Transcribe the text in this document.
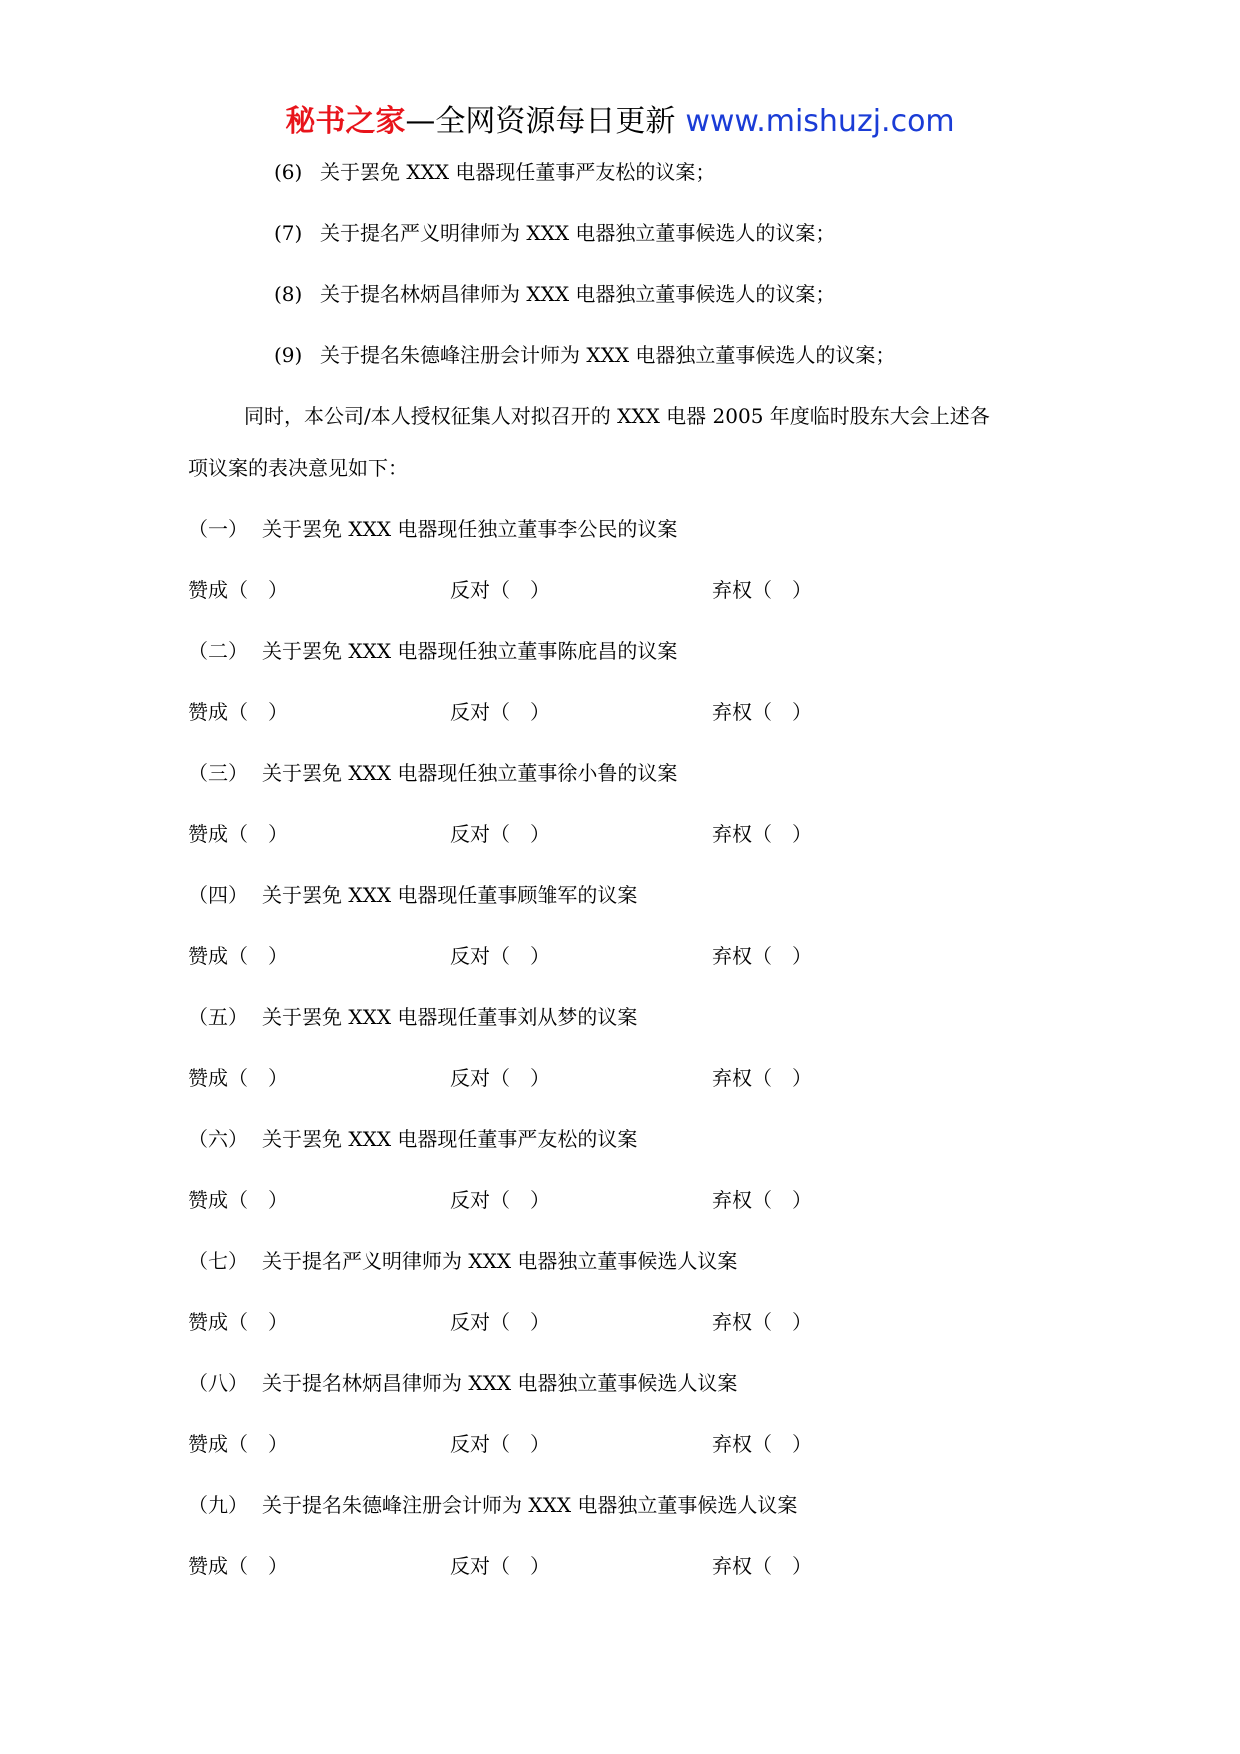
秘书之家—全网资源每日更新 www.mishuzj.com
(6) 关于罢免 XXX 电器现任董事严友松的议案；
(7) 关于提名严义明律师为 XXX 电器独立董事候选人的议案；
(8) 关于提名林炳昌律师为 XXX 电器独立董事候选人的议案；
(9) 关于提名朱德峰注册会计师为 XXX 电器独立董事候选人的议案；
同时，本公司/本人授权征集人对拟召开的 XXX 电器 2005 年度临时股东大会上述各
项议案的表决意见如下：
（一） 关于罢免 XXX 电器现任独立董事李公民的议案
赞成（　）	反对（　）	弃权（　）
（二） 关于罢免 XXX 电器现任独立董事陈庇昌的议案
赞成（　）	反对（　）	弃权（　）
（三） 关于罢免 XXX 电器现任独立董事徐小鲁的议案
赞成（　）	反对（　）	弃权（　）
（四） 关于罢免 XXX 电器现任董事顾雏军的议案
赞成（　）	反对（　）	弃权（　）
（五） 关于罢免 XXX 电器现任董事刘从梦的议案
赞成（　）	反对（　）	弃权（　）
（六） 关于罢免 XXX 电器现任董事严友松的议案
赞成（　）	反对（　）	弃权（　）
（七） 关于提名严义明律师为 XXX 电器独立董事候选人议案
赞成（　）	反对（　）	弃权（　）
（八） 关于提名林炳昌律师为 XXX 电器独立董事候选人议案
赞成（　）	反对（　）	弃权（　）
（九） 关于提名朱德峰注册会计师为 XXX 电器独立董事候选人议案
赞成（　）	反对（　）	弃权（　）
